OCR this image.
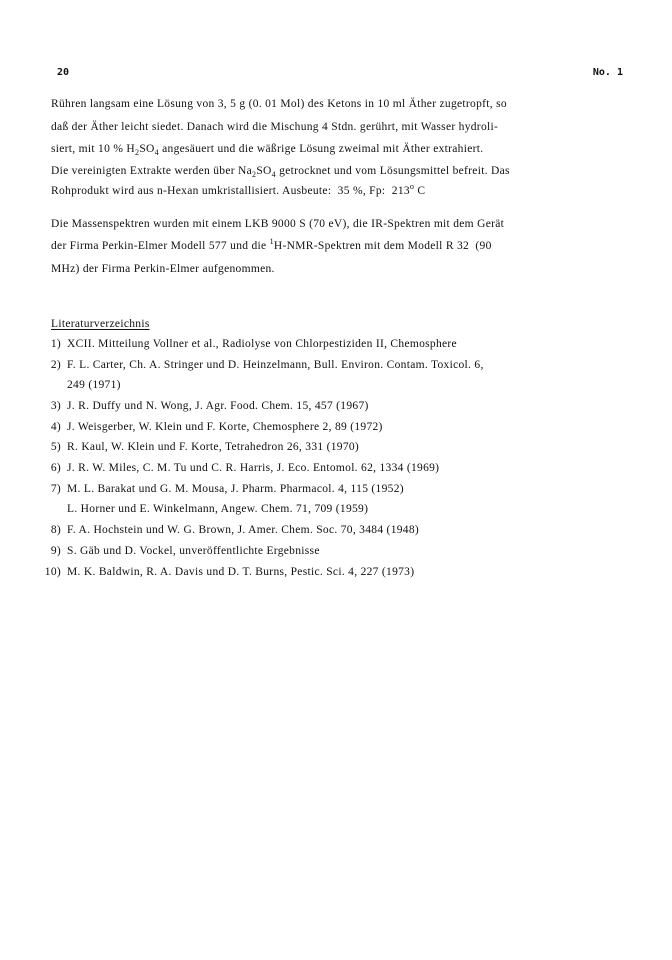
20	No. 1
Rühren langsam eine Lösung von 3, 5 g (0. 01 Mol) des Ketons in 10 ml Äther zugetropft, so
daß der Äther leicht siedet. Danach wird die Mischung 4 Stdn. gerührt, mit Wasser hydroli-
siert, mit 10 % $H_2SO_4$ angesäuert und die wäßrige Lösung zweimal mit Äther extrahiert.
Die vereinigten Extrakte werden über $Na_2SO_4$ getrocknet und vom Lösungsmittel befreit. Das
Rohprodukt wird aus n-Hexan umkristallisiert. Ausbeute:  35 %, Fp:  213$^o$ C
Die Massenspektren wurden mit einem LKB 9000 S (70 eV), die IR-Spektren mit dem Gerät
der Firma Perkin-Elmer Modell 577 und die $^1$H-NMR-Spektren mit dem Modell R 32  (90
MHz) der Firma Perkin-Elmer aufgenommen.
Literaturverzeichnis
1) XCII. Mitteilung Vollner et al., Radiolyse von Chlorpestiziden II, Chemosphere
2) F. L. Carter, Ch. A. Stringer und D. Heinzelmann, Bull. Environ. Contam. Toxicol. 6,
249 (1971)
3) J. R. Duffy und N. Wong, J. Agr. Food. Chem. 15, 457 (1967)
4) J. Weisgerber, W. Klein und F. Korte, Chemosphere 2, 89 (1972)
5) R. Kaul, W. Klein und F. Korte, Tetrahedron 26, 331 (1970)
6) J. R. W. Miles, C. M. Tu und C. R. Harris, J. Eco. Entomol. 62, 1334 (1969)
7) M. L. Barakat und G. M. Mousa, J. Pharm. Pharmacol. 4, 115 (1952)
L. Horner und E. Winkelmann, Angew. Chem. 71, 709 (1959)
8) F. A. Hochstein und W. G. Brown, J. Amer. Chem. Soc. 70, 3484 (1948)
9) S. Gäb und D. Vockel, unveröffentlichte Ergebnisse
10) M. K. Baldwin, R. A. Davis und D. T. Burns, Pestic. Sci. 4, 227 (1973)
